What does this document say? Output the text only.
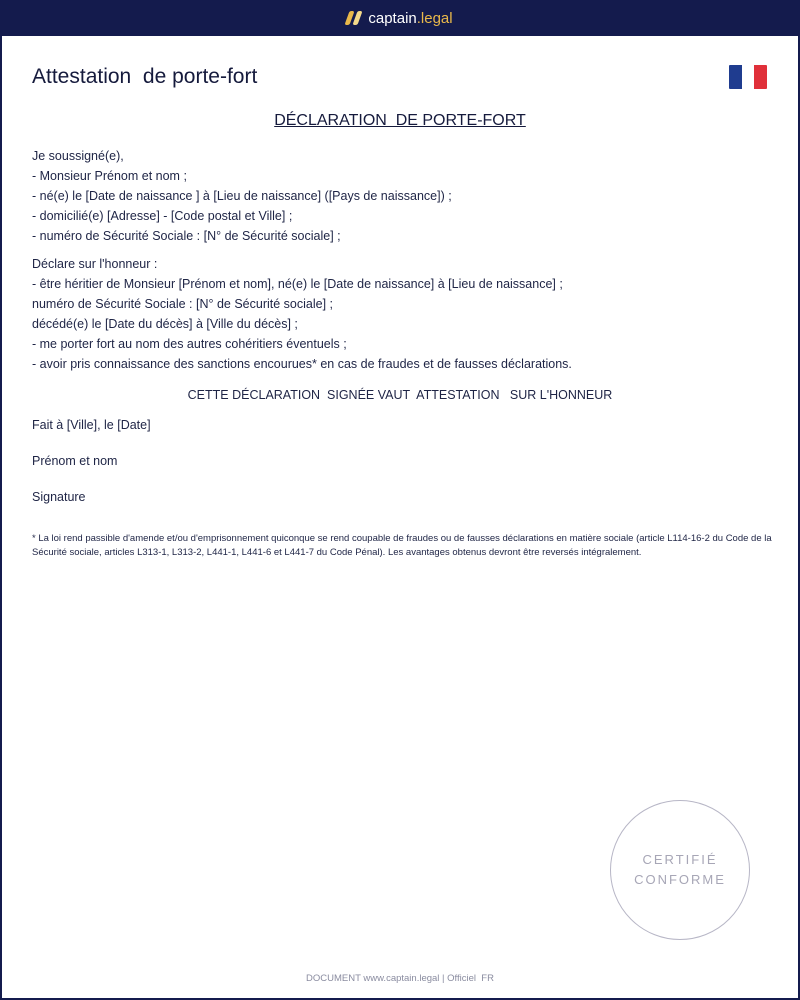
captain.legal
Attestation  de porte-fort
DÉCLARATION  DE PORTE-FORT
Je soussigné(e),
- Monsieur Prénom et nom ;
- né(e) le [Date de naissance ] à [Lieu de naissance] ([Pays de naissance]) ;
- domicilié(e) [Adresse] - [Code postal et Ville] ;
- numéro de Sécurité Sociale : [N° de Sécurité sociale] ;
Déclare sur l'honneur :
- être héritier de Monsieur [Prénom et nom], né(e) le [Date de naissance] à [Lieu de naissance] ;
numéro de Sécurité Sociale : [N° de Sécurité sociale] ;
décédé(e) le [Date du décès] à [Ville du décès] ;
- me porter fort au nom des autres cohéritiers éventuels ;
- avoir pris connaissance des sanctions encourues* en cas de fraudes et de fausses déclarations.
CETTE DÉCLARATION  SIGNÉE VAUT  ATTESTATION   SUR L'HONNEUR
Fait à [Ville], le [Date]
Prénom et nom
Signature
* La loi rend passible d'amende et/ou d'emprisonnement quiconque se rend coupable de fraudes ou de fausses déclarations en matière sociale (article L114-16-2 du Code de la Sécurité sociale, articles L313-1, L313-2, L441-1, L441-6 et L441-7 du Code Pénal). Les avantages obtenus devront être reversés intégralement.
CERTIFIÉ
CONFORME
DOCUMENT www.captain.legal | Officiel  FR
